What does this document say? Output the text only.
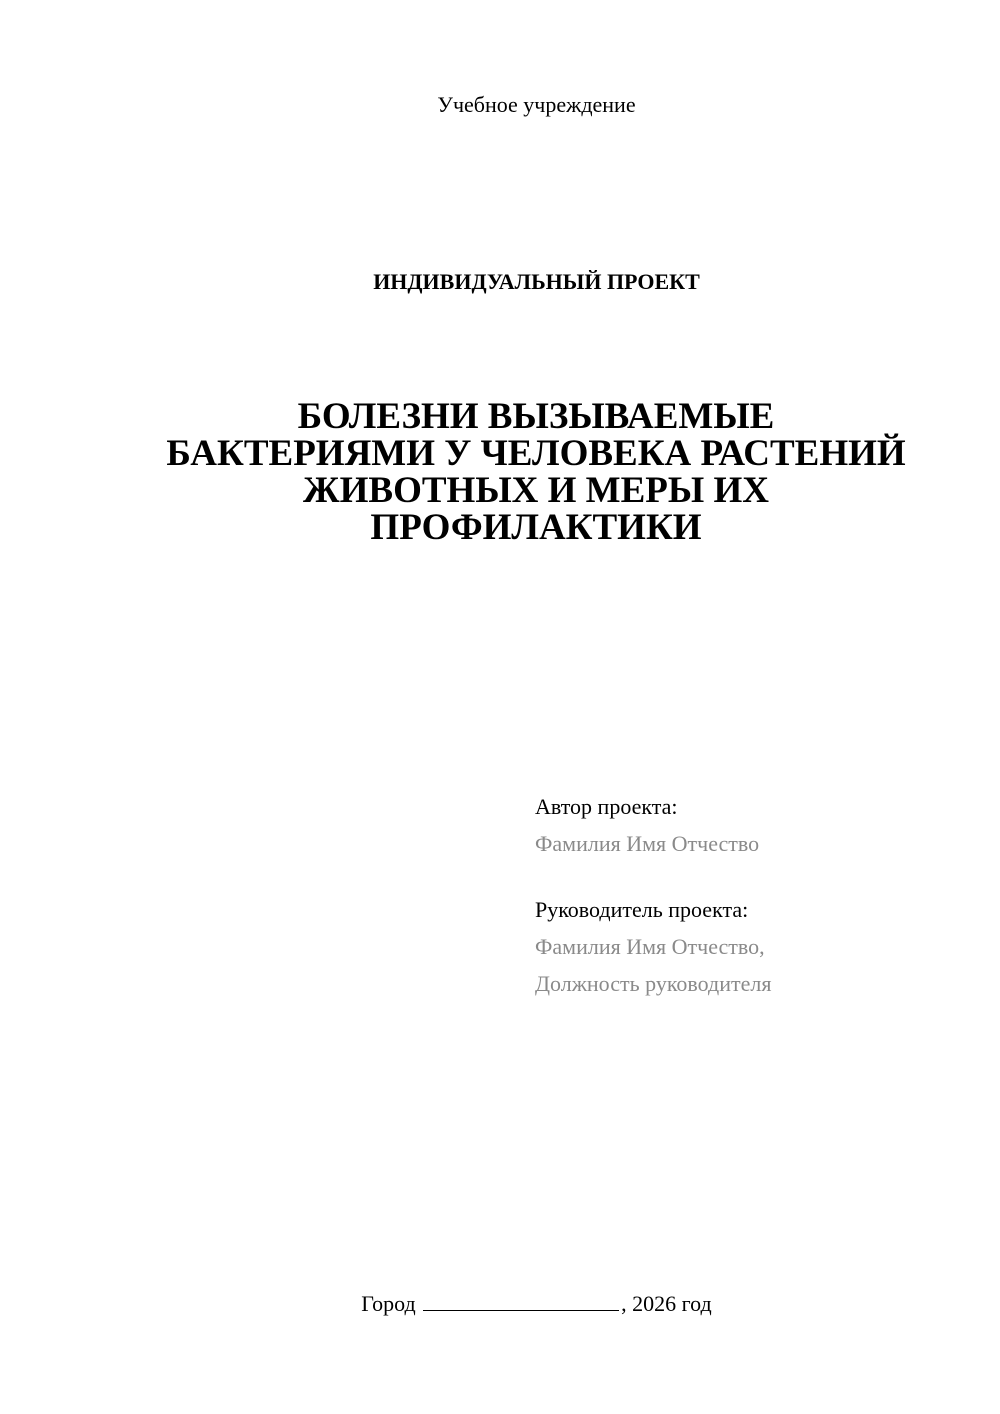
Учебное учреждение
ИНДИВИДУАЛЬНЫЙ ПРОЕКТ
БОЛЕЗНИ ВЫЗЫВАЕМЫЕ
БАКТЕРИЯМИ У ЧЕЛОВЕКА РАСТЕНИЙ
ЖИВОТНЫХ И МЕРЫ ИХ
ПРОФИЛАКТИКИ
Автор проекта:
Фамилия Имя Отчество
Руководитель проекта:
Фамилия Имя Отчество,
Должность руководителя
Город	, 2026 год
